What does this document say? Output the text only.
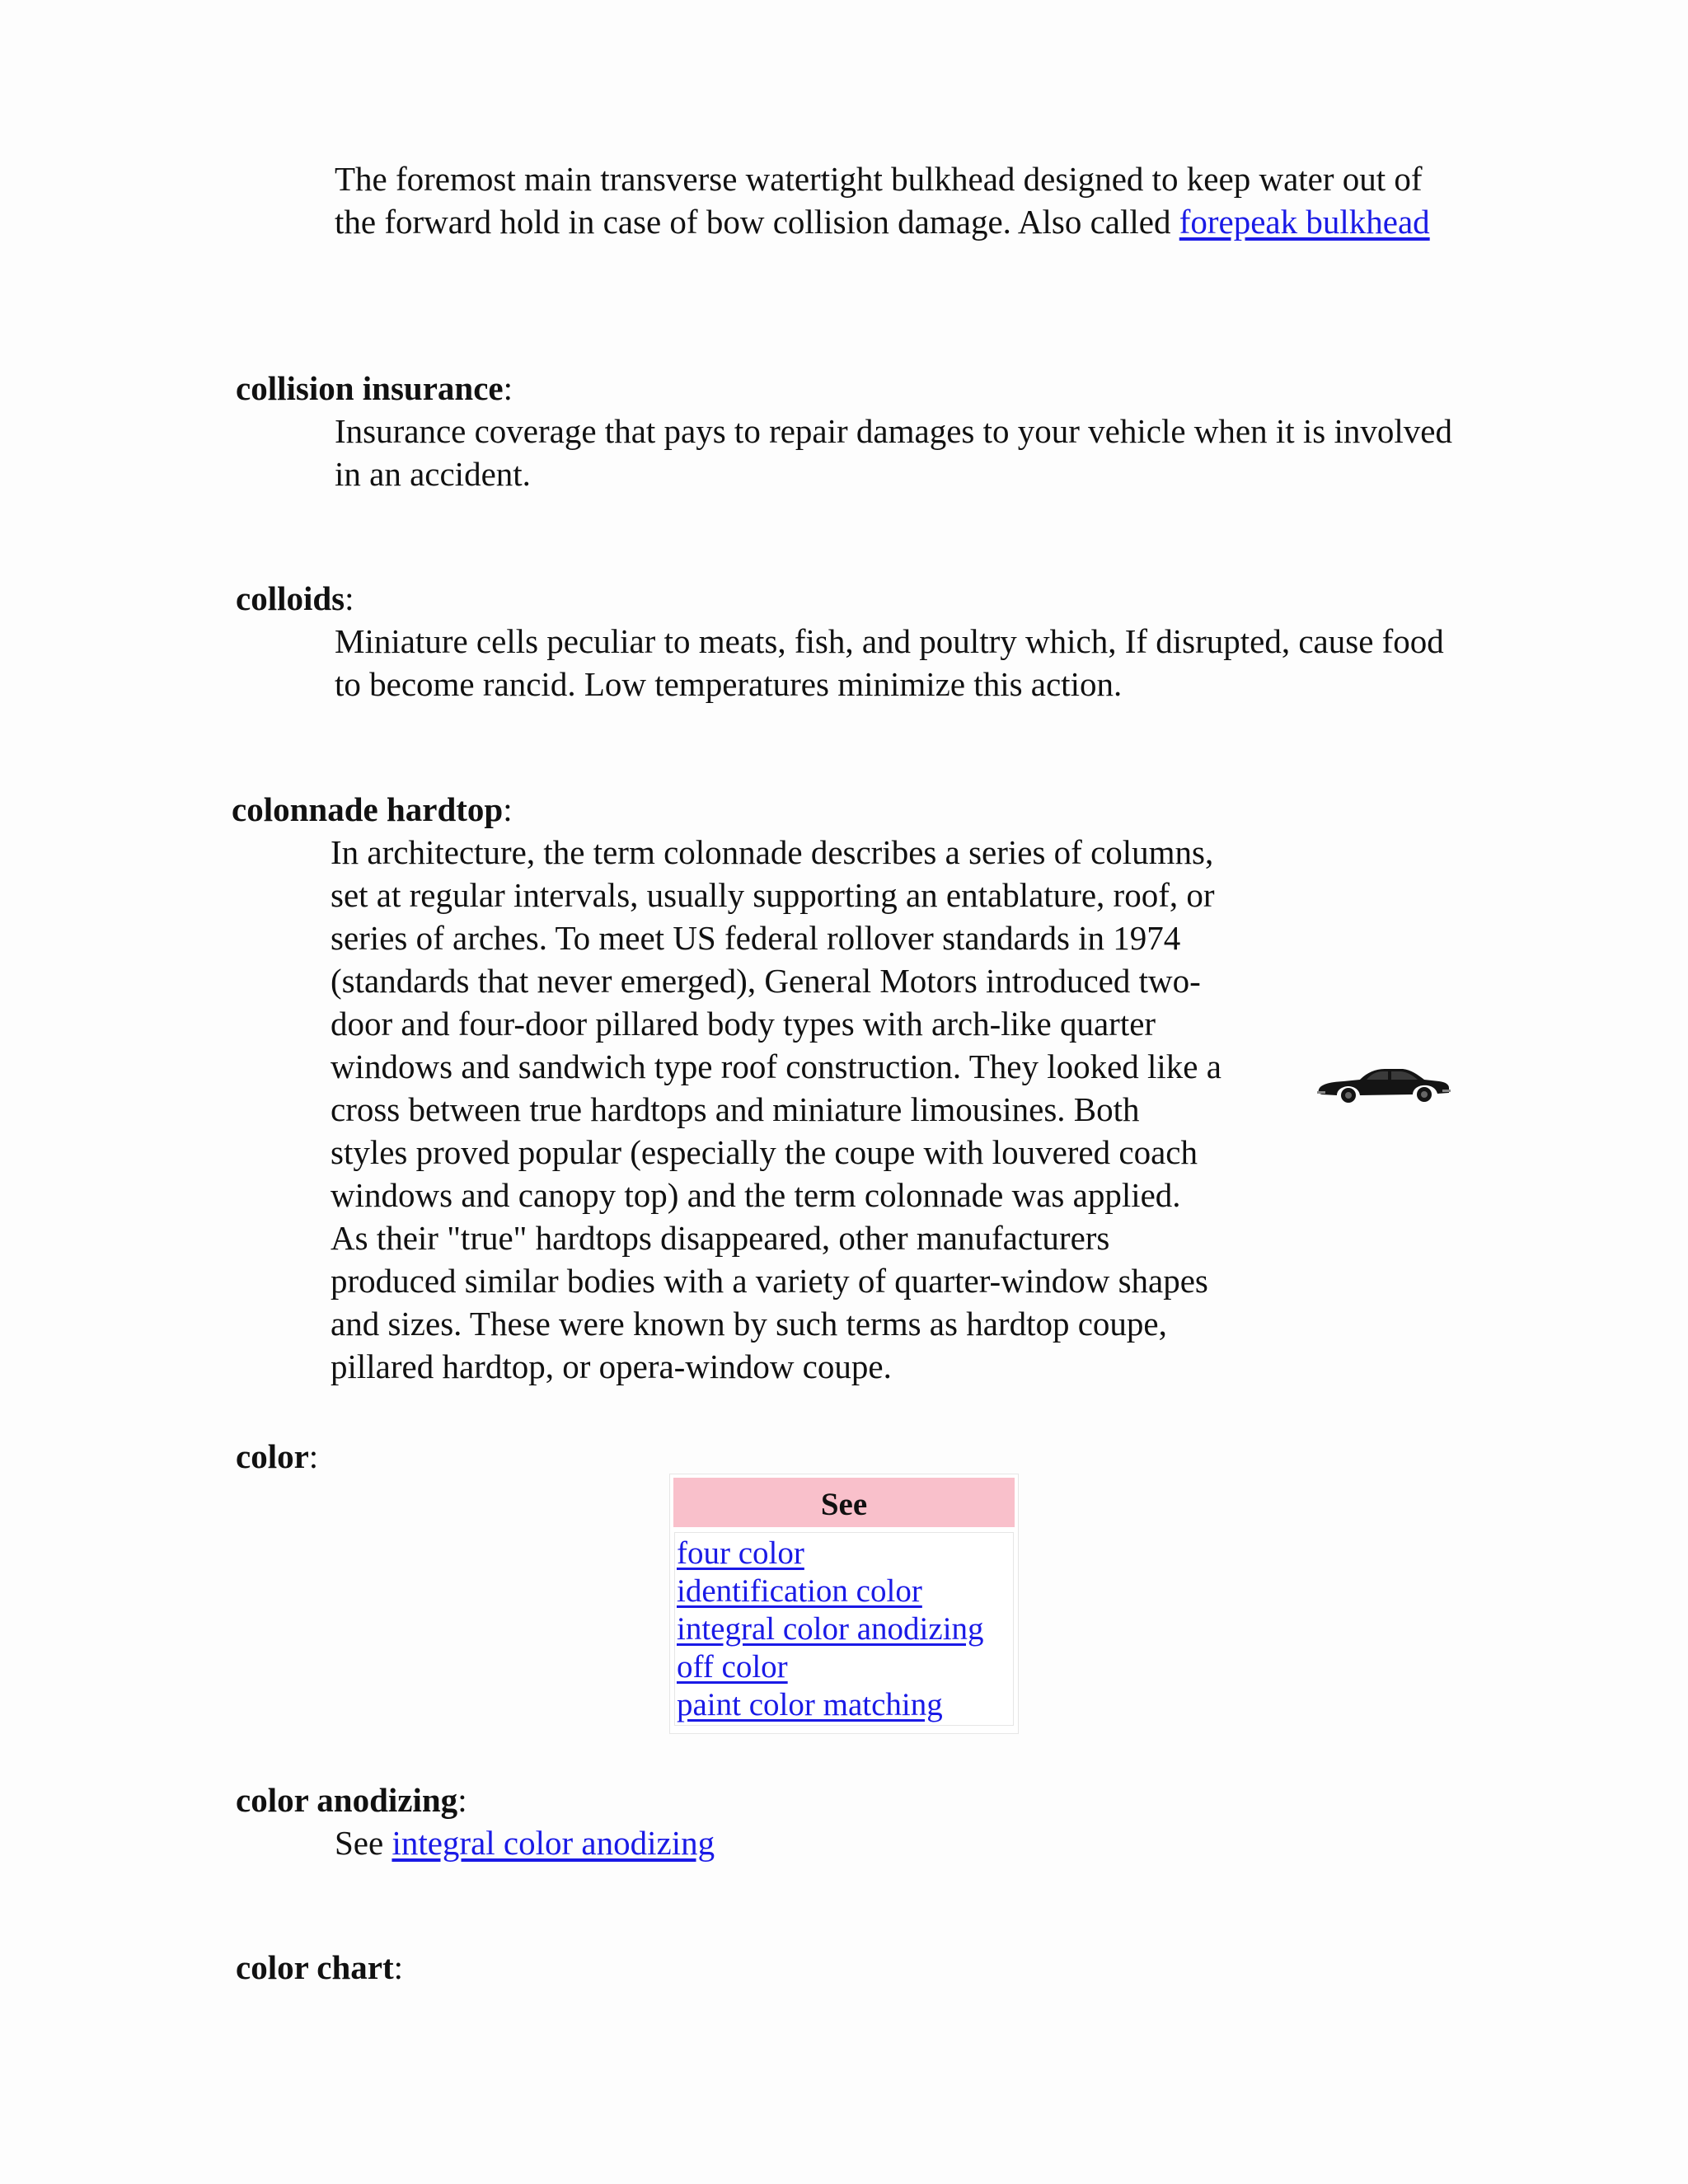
The foremost main transverse watertight bulkhead designed to keep water out of the forward hold in case of bow collision damage. Also called forepeak bulkhead

collision insurance:

Insurance coverage that pays to repair damages to your vehicle when it is involved in an accident.

colloids:

Miniature cells peculiar to meats, fish, and poultry which, If disrupted, cause food to become rancid. Low temperatures minimize this action.

colonnade hardtop:

In architecture, the term colonnade describes a series of columns,
set at regular intervals, usually supporting an entablature, roof, or
series of arches. To meet US federal rollover standards in 1974
(standards that never emerged), General Motors introduced two-
door and four-door pillared body types with arch-like quarter
windows and sandwich type roof construction. They looked like a
cross between true hardtops and miniature limousines. Both
styles proved popular (especially the coupe with louvered coach
windows and canopy top) and the term colonnade was applied.
As their "true" hardtops disappeared, other manufacturers
produced similar bodies with a variety of quarter-window shapes
and sizes. These were known by such terms as hardtop coupe,
pillared hardtop, or opera-window coupe.

color:

See
four color
identification color
integral color anodizing
off color
paint color matching

color anodizing:

See integral color anodizing

color chart:
